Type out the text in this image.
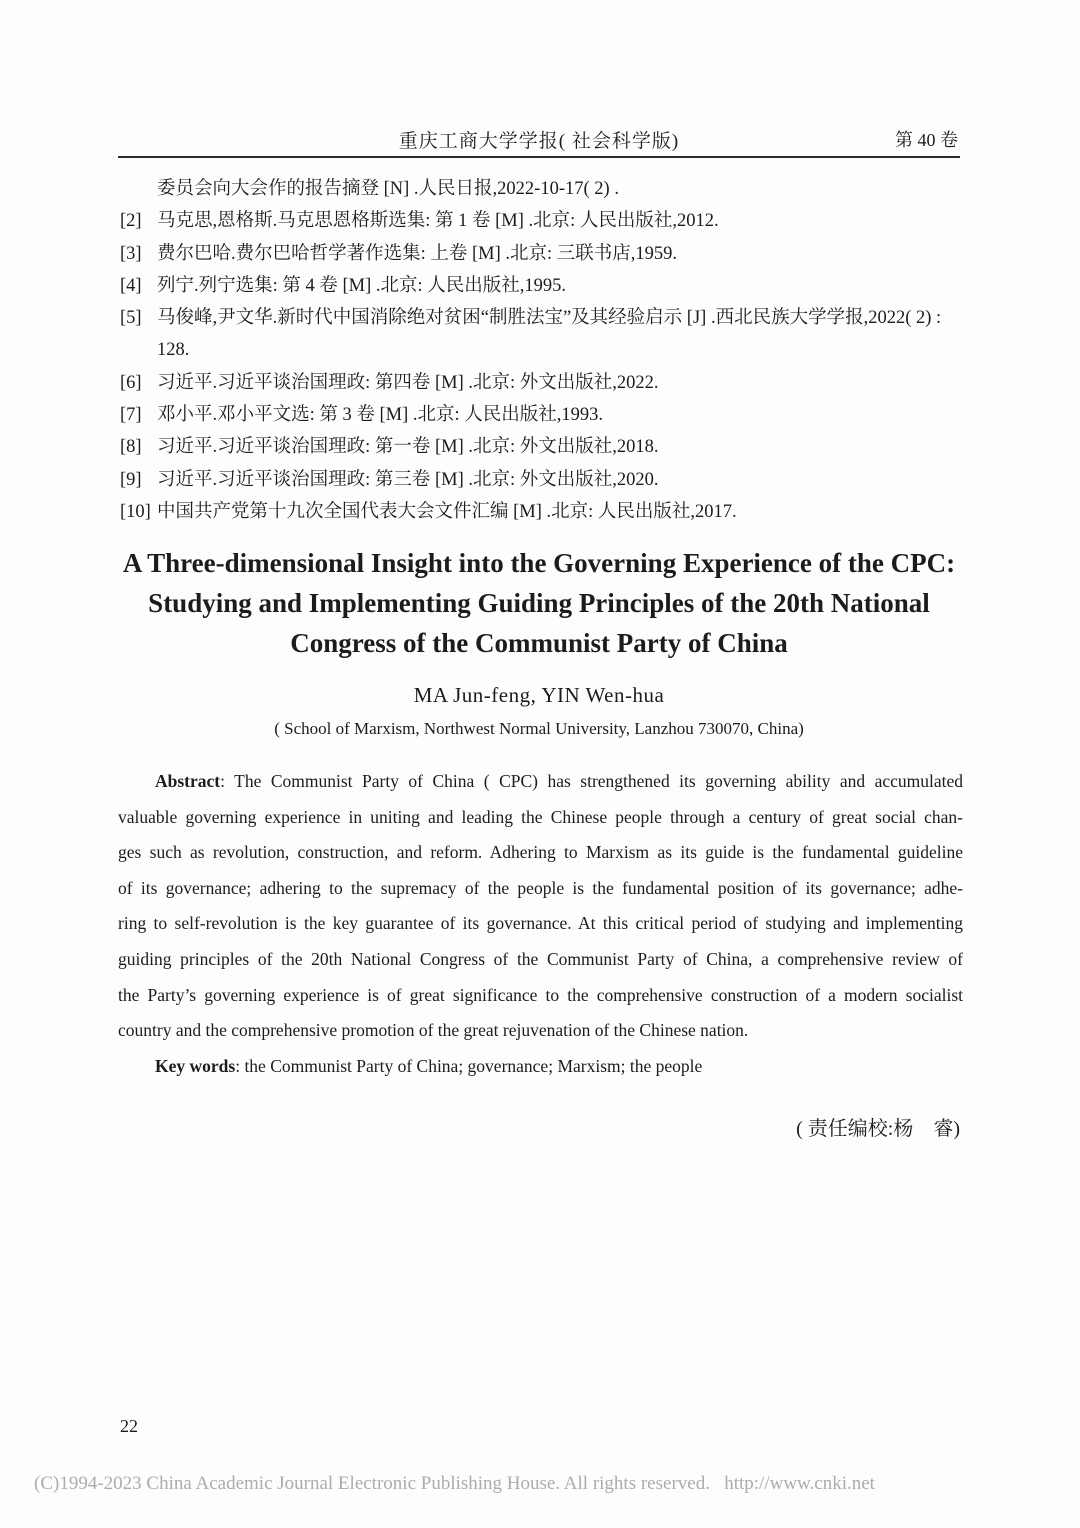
重庆工商大学学报( 社会科学版)	第 40 卷
委员会向大会作的报告摘登 [N] .人民日报,2022-10-17( 2) .
[2] 马克思,恩格斯.马克思恩格斯选集: 第 1 卷 [M] .北京: 人民出版社,2012.
[3] 费尔巴哈.费尔巴哈哲学著作选集: 上卷 [M] .北京: 三联书店,1959.
[4] 列宁.列宁选集: 第 4 卷 [M] .北京: 人民出版社,1995.
[5] 马俊峰,尹文华.新时代中国消除绝对贫困“制胜法宝”及其经验启示 [J] .西北民族大学学报,2022( 2) : 128.
[6] 习近平.习近平谈治国理政: 第四卷 [M] .北京: 外文出版社,2022.
[7] 邓小平.邓小平文选: 第 3 卷 [M] .北京: 人民出版社,1993.
[8] 习近平.习近平谈治国理政: 第一卷 [M] .北京: 外文出版社,2018.
[9] 习近平.习近平谈治国理政: 第三卷 [M] .北京: 外文出版社,2020.
[10] 中国共产党第十九次全国代表大会文件汇编 [M] .北京: 人民出版社,2017.
A Three-dimensional Insight into the Governing Experience of the CPC:
Studying and Implementing Guiding Principles of the 20th National
Congress of the Communist Party of China
MA Jun-feng, YIN Wen-hua
( School of Marxism, Northwest Normal University, Lanzhou 730070, China)
Abstract: The Communist Party of China ( CPC) has strengthened its governing ability and accumulated
valuable governing experience in uniting and leading the Chinese people through a century of great social chan-
ges such as revolution, construction, and reform. Adhering to Marxism as its guide is the fundamental guideline
of its governance; adhering to the supremacy of the people is the fundamental position of its governance; adhe-
ring to self-revolution is the key guarantee of its governance. At this critical period of studying and implementing
guiding principles of the 20th National Congress of the Communist Party of China, a comprehensive review of
the Party’s governing experience is of great significance to the comprehensive construction of a modern socialist
country and the comprehensive promotion of the great rejuvenation of the Chinese nation.
Key words: the Communist Party of China; governance; Marxism; the people
( 责任编校:杨　睿)
22
(C)1994-2023 China Academic Journal Electronic Publishing House. All rights reserved.   http://www.cnki.net
